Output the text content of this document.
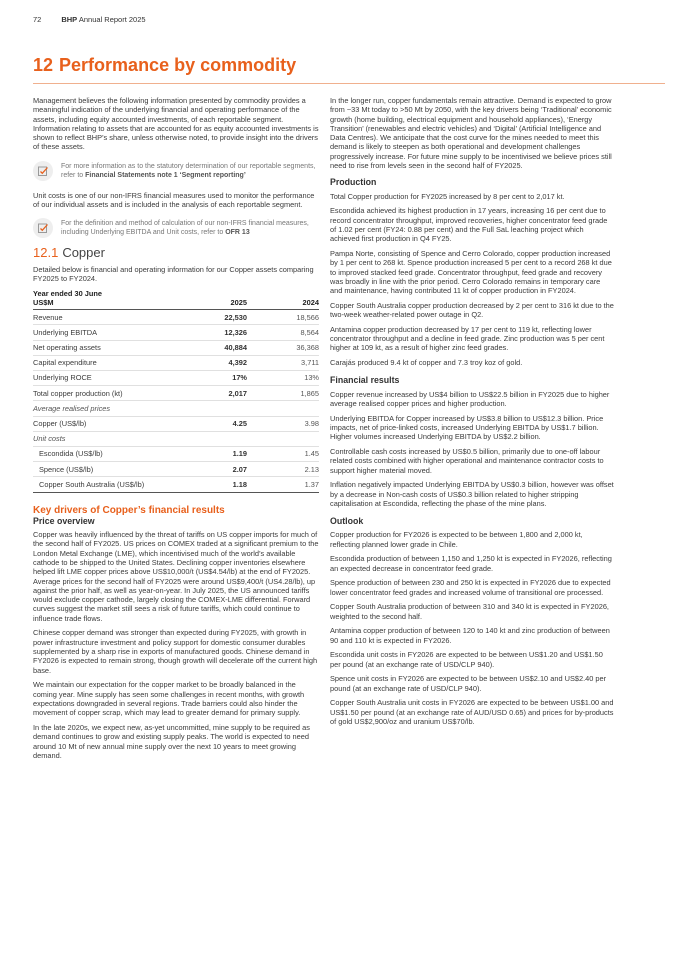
72	BHP Annual Report 2025
12 Performance by commodity

Management believes the following information presented by commodity provides a meaningful indication of the underlying financial and operating performance of the assets, including equity accounted investments, of each reportable segment. Information relating to assets that are accounted for as equity accounted investments is shown to reflect BHP’s share, unless otherwise noted, to provide insight into the drivers of these assets.

For more information as to the statutory determination of our reportable segments, refer to Financial Statements note 1 ‘Segment reporting’

Unit costs is one of our non-IFRS financial measures used to monitor the performance of our individual assets and is included in the analysis of each reportable segment.

For the definition and method of calculation of our non-IFRS financial measures, including Underlying EBITDA and Unit costs, refer to OFR 13
12.1 Copper

Detailed below is financial and operating information for our Copper assets comparing FY2025 to FY2024.

Year ended 30 June
US$M	2025	2024
Revenue	22,530	18,566
Underlying EBITDA	12,326	8,564
Net operating assets	40,884	36,368
Capital expenditure	4,392	3,711
Underlying ROCE	17%	13%
Total copper production (kt)	2,017	1,865
Average realised prices		
Copper (US$/lb)	4.25	3.98
Unit costs		
Escondida (US$/lb)	1.19	1.45
Spence (US$/lb)	2.07	2.13
Copper South Australia (US$/lb)	1.18	1.37
Key drivers of Copper’s financial results
Price overview

Copper was heavily influenced by the threat of tariffs on US copper imports for much of the second half of FY2025. US prices on COMEX traded at a significant premium to the London Metal Exchange (LME), which incentivised much of the world’s available cathode to be shipped to the United States. Declining copper inventories elsewhere helped lift LME copper prices above US$10,000/t (US$4.54/lb) at the end of FY2025. Average prices for the second half of FY2025 were around US$9,400/t (US4.28/lb), up against the prior half, as well as year-on-year. In July 2025, the US announced tariffs would exclude copper cathode, largely closing the COMEX-LME differential. Forward curves suggest the market still sees a risk of future tariffs, which could continue to influence trade flows.

Chinese copper demand was stronger than expected during FY2025, with growth in power infrastructure investment and policy support for domestic consumer durables supplemented by a sharp rise in exports of manufactured goods. Chinese demand in FY2026 is expected to remain strong, though growth will decelerate off the current high base.

We maintain our expectation for the copper market to be broadly balanced in the coming year. Mine supply has seen some challenges in recent months, with growth expectations downgraded in several regions. Trade barriers could also hinder the movement of copper scrap, which may lead to greater demand for primary supply.

In the late 2020s, we expect new, as-yet uncommitted, mine supply to be required as demand continues to grow and existing supply peaks. The world is expected to need around 10 Mt of new annual mine supply over the next 10 years to meet growing demand.

In the longer run, copper fundamentals remain attractive. Demand is expected to grow from ~33 Mt today to >50 Mt by 2050, with the key drivers being ‘Traditional’ economic growth (home building, electrical equipment and household appliances), ‘Energy Transition’ (renewables and electric vehicles) and ‘Digital’ (Artificial Intelligence and Data Centres). We anticipate that the cost curve for the mines needed to meet this demand is likely to steepen as both operational and development challenges progressively increase. For future mine supply to be incentivised we believe prices still need to rise from levels seen in the second half of FY2025.

Production

Total Copper production for FY2025 increased by 8 per cent to 2,017 kt.

Escondida achieved its highest production in 17 years, increasing 16 per cent due to record concentrator throughput, improved recoveries, higher concentrator feed grade of 1.02 per cent (FY24: 0.88 per cent) and the Full SaL leaching project which achieved first production in Q4 FY25.

Pampa Norte, consisting of Spence and Cerro Colorado, copper production increased by 1 per cent to 268 kt. Spence production increased 5 per cent to a record 268 kt due to improved stacked feed grade. Concentrator throughput, feed grade and recovery was broadly in line with the prior period. Cerro Colorado remains in temporary care and maintenance, having contributed 11 kt of copper production in FY2024.

Copper South Australia copper production decreased by 2 per cent to 316 kt due to the two-week weather-related power outage in Q2.

Antamina copper production decreased by 17 per cent to 119 kt, reflecting lower concentrator throughput and a decline in feed grade. Zinc production was 5 per cent higher at 109 kt, as a result of higher zinc feed grades.

Carajás produced 9.4 kt of copper and 7.3 troy koz of gold.

Financial results

Copper revenue increased by US$4 billion to US$22.5 billion in FY2025 due to higher average realised copper prices and higher production.

Underlying EBITDA for Copper increased by US$3.8 billion to US$12.3 billion. Price impacts, net of price-linked costs, increased Underlying EBITDA by US$1.7 billion. Higher volumes increased Underlying EBITDA by US$2.2 billion.

Controllable cash costs increased by US$0.5 billion, primarily due to one-off labour related costs combined with higher operational and maintenance contractor costs to support higher material moved.

Inflation negatively impacted Underlying EBITDA by US$0.3 billion, however was offset by a decrease in Non-cash costs of US$0.3 billion related to higher stripping capitalisation at Escondida, reflecting the phase of the mine plans.

Outlook

Copper production for FY2026 is expected to be between 1,800 and 2,000 kt, reflecting planned lower grade in Chile.

Escondida production of between 1,150 and 1,250 kt is expected in FY2026, reflecting an expected decrease in concentrator feed grade.

Spence production of between 230 and 250 kt is expected in FY2026 due to expected lower concentrator feed grades and increased volume of transitional ore processed.

Copper South Australia production of between 310 and 340 kt is expected in FY2026, weighted to the second half.

Antamina copper production of between 120 to 140 kt and zinc production of between 90 and 110 kt is expected in FY2026.

Escondida unit costs in FY2026 are expected to be between US$1.20 and US$1.50 per pound (at an exchange rate of USD/CLP 940).

Spence unit costs in FY2026 are expected to be between US$2.10 and US$2.40 per pound (at an exchange rate of USD/CLP 940).

Copper South Australia unit costs in FY2026 are expected to be between US$1.00 and US$1.50 per pound (at an exchange rate of AUD/USD 0.65) and prices for by-products of gold US$2,900/oz and uranium US$70/lb.
